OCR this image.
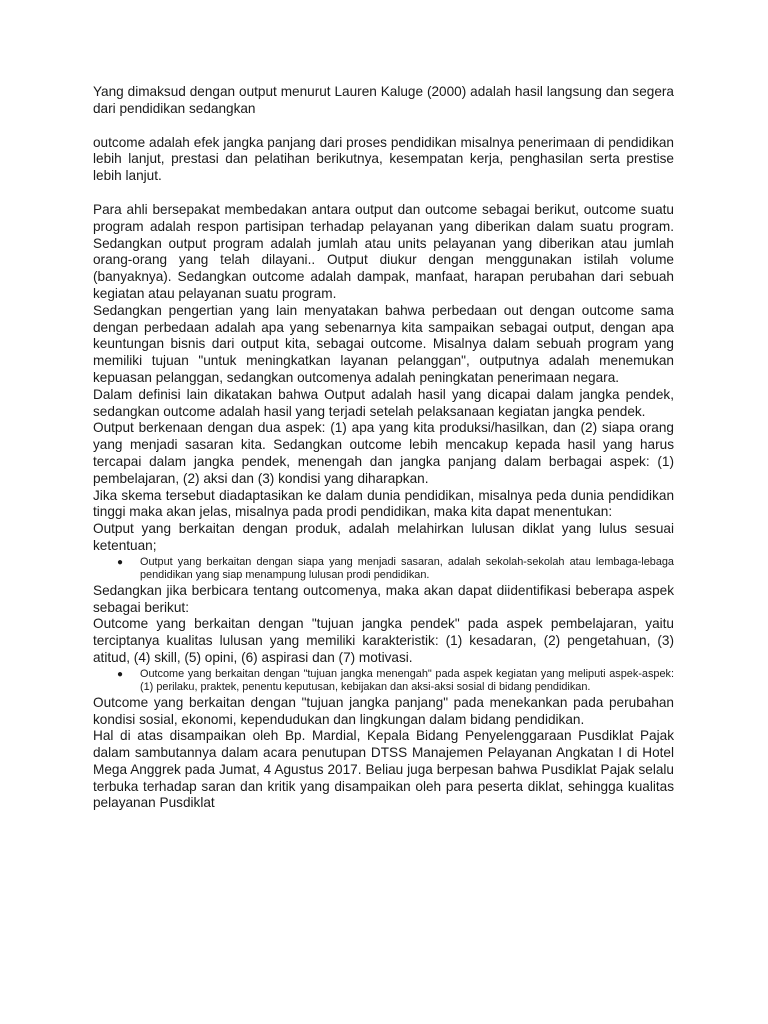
Yang dimaksud dengan output menurut Lauren Kaluge (2000) adalah hasil langsung dan segera dari pendidikan sedangkan

outcome adalah efek jangka panjang dari proses pendidikan misalnya penerimaan di pendidikan lebih lanjut, prestasi dan pelatihan berikutnya, kesempatan kerja, penghasilan serta prestise lebih lanjut.

Para ahli bersepakat membedakan antara output dan outcome sebagai berikut, outcome suatu program adalah respon partisipan terhadap pelayanan yang diberikan dalam suatu program. Sedangkan output program adalah jumlah atau units pelayanan yang diberikan atau jumlah orang-orang yang telah dilayani.. Output diukur dengan menggunakan istilah volume (banyaknya). Sedangkan outcome adalah dampak, manfaat, harapan perubahan dari sebuah kegiatan atau pelayanan suatu program.

Sedangkan pengertian yang lain menyatakan bahwa perbedaan out dengan outcome sama dengan perbedaan adalah apa yang sebenarnya kita sampaikan sebagai output, dengan apa keuntungan bisnis dari output kita, sebagai outcome. Misalnya dalam sebuah program yang memiliki tujuan "untuk meningkatkan layanan pelanggan", outputnya adalah menemukan kepuasan pelanggan, sedangkan outcomenya adalah peningkatan penerimaan negara.

Dalam definisi lain dikatakan bahwa Output adalah hasil yang dicapai dalam jangka pendek, sedangkan outcome adalah hasil yang terjadi setelah pelaksanaan kegiatan jangka pendek.

Output berkenaan dengan dua aspek: (1) apa yang kita produksi/hasilkan, dan (2) siapa orang yang menjadi sasaran kita. Sedangkan outcome lebih mencakup kepada hasil yang harus tercapai dalam jangka pendek, menengah dan jangka panjang dalam berbagai aspek: (1) pembelajaran, (2) aksi dan (3) kondisi yang diharapkan.

Jika skema tersebut diadaptasikan ke dalam dunia pendidikan, misalnya peda dunia pendidikan tinggi maka akan jelas, misalnya pada prodi pendidikan, maka kita dapat menentukan:

Output yang berkaitan dengan produk, adalah melahirkan lulusan diklat yang lulus sesuai ketentuan;

● Output yang berkaitan dengan siapa yang menjadi sasaran, adalah sekolah-sekolah atau lembaga-lebaga pendidikan yang siap menampung lulusan prodi pendidikan.

Sedangkan jika berbicara tentang outcomenya, maka akan dapat diidentifikasi beberapa aspek sebagai berikut:

Outcome yang berkaitan dengan "tujuan jangka pendek" pada aspek pembelajaran, yaitu terciptanya kualitas lulusan yang memiliki karakteristik: (1) kesadaran, (2) pengetahuan, (3) atitud, (4) skill, (5) opini, (6) aspirasi dan (7) motivasi.

● Outcome yang berkaitan dengan "tujuan jangka menengah" pada aspek kegiatan yang meliputi aspek-aspek: (1) perilaku, praktek, penentu keputusan, kebijakan dan aksi-aksi sosial di bidang pendidikan.

Outcome yang berkaitan dengan "tujuan jangka panjang" pada menekankan pada perubahan kondisi sosial, ekonomi, kependudukan dan lingkungan dalam bidang pendidikan.

Hal di atas disampaikan oleh Bp. Mardial, Kepala Bidang Penyelenggaraan Pusdiklat Pajak dalam sambutannya dalam acara penutupan DTSS Manajemen Pelayanan Angkatan I di Hotel Mega Anggrek pada Jumat, 4 Agustus 2017. Beliau juga berpesan bahwa Pusdiklat Pajak selalu terbuka terhadap saran dan kritik yang disampaikan oleh para peserta diklat, sehingga kualitas pelayanan Pusdiklat
